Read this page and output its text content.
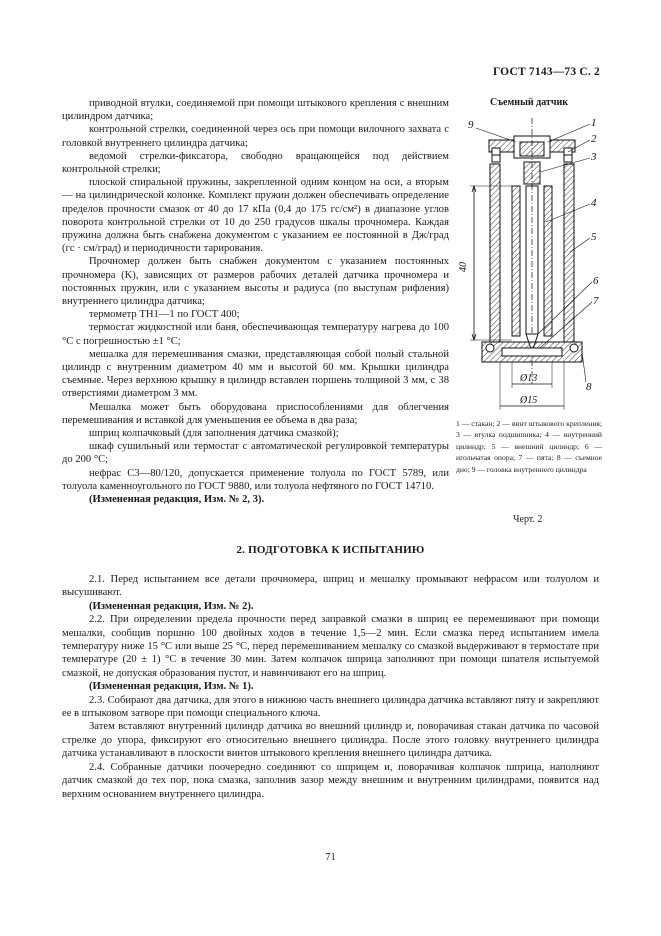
ГОСТ 7143—73 С. 2

приводной втулки, соединяемой при помощи штыкового крепления с внешним цилиндром датчика;

контрольной стрелки, соединенной через ось при помощи вилочного захвата с головкой внутреннего цилиндра датчика;

ведомой стрелки-фиксатора, свободно вращающейся под действием контрольной стрелки;

плоской спиральной пружины, закрепленной одним концом на оси, а вторым — на цилиндрической колонке. Комплект пружин должен обеспечивать определение пределов прочности смазок от 40 до 17 кПа (0,4 до 175 гс/см²) в диапазоне углов поворота контрольной стрелки от 10 до 250 градусов шкалы прочномера. Каждая пружина должна быть снабжена документом с указанием ее постоянной в Дж/град (гс · см/град) и периодичности тарирования.

Прочномер должен быть снабжен документом с указанием постоянных прочномера (K), зависящих от размеров рабочих деталей датчика прочномера и постоянных пружин, или с указанием высоты и радиуса (по выступам рифления) внутреннего цилиндра датчика;

термометр ТН1—1 по ГОСТ 400;

термостат жидкостной или баня, обеспечивающая температуру нагрева до 100 °С с погрешностью ±1 °С;

мешалка для перемешивания смазки, представляющая собой полый стальной цилиндр с внутренним диаметром 40 мм и высотой 60 мм. Крышки цилиндра съемные. Через верхнюю крышку в цилиндр вставлен поршень толщиной 3 мм, с 38 отверстиями диаметром 3 мм.

Мешалка может быть оборудована приспособлениями для облегчения перемешивания и вставкой для уменьшения ее объема в два раза;

шприц колпачковый (для заполнения датчика смазкой);

шкаф сушильный или термостат с автоматической регулировкой температуры до 200 °С;

нефрас С3—80/120, допускается применение толуола по ГОСТ 5789, или толуола каменноугольного по ГОСТ 9880, или толуола нефтяного по ГОСТ 14710.

(Измененная редакция, Изм. № 2, 3).

Съемный датчик
9	1
2
3
4
5
6
7
8
40
Ø13
Ø15
1 — стакан; 2 — винт штыкового крепления; 3 — втулка подшипника; 4 — внутренний цилиндр; 5 — внешний цилиндр; 6 — игольчатая опора; 7 — пята; 8 — съемное дно; 9 — головка внутреннего цилиндра
Черт. 2
2. ПОДГОТОВКА К ИСПЫТАНИЮ

2.1. Перед испытанием все детали прочномера, шприц и мешалку промывают нефрасом или толуолом и высушивают.

(Измененная редакция, Изм. № 2).

2.2. При определении предела прочности перед заправкой смазки в шприц ее перемешивают при помощи мешалки, сообщив поршню 100 двойных ходов в течение 1,5—2 мин. Если смазка перед испытанием имела температуру ниже 15 °С или выше 25 °С, перед перемешиванием мешалку со смазкой выдерживают в термостате при температуре (20 ± 1) °С в течение 30 мин. Затем колпачок шприца заполняют при помощи шпателя испытуемой смазкой, не допуская образования пустот, и навинчивают его на шприц.

(Измененная редакция, Изм. № 1).

2.3. Собирают два датчика, для этого в нижнюю часть внешнего цилиндра датчика вставляют пяту и закрепляют ее в штыковом затворе при помощи специального ключа.

Затем вставляют внутренний цилиндр датчика во внешний цилиндр и, поворачивая стакан датчика по часовой стрелке до упора, фиксируют его относительно внешнего цилиндра. После этого головку внутреннего цилиндра датчика устанавливают в плоскости винтов штыкового крепления внешнего цилиндра датчика.

2.4. Собранные датчики поочередно соединяют со шприцем и, поворачивая колпачок шприца, наполняют датчик смазкой до тех пор, пока смазка, заполнив зазор между внешним и внутренним цилиндрами, появится над верхним основанием внутреннего цилиндра.

71
